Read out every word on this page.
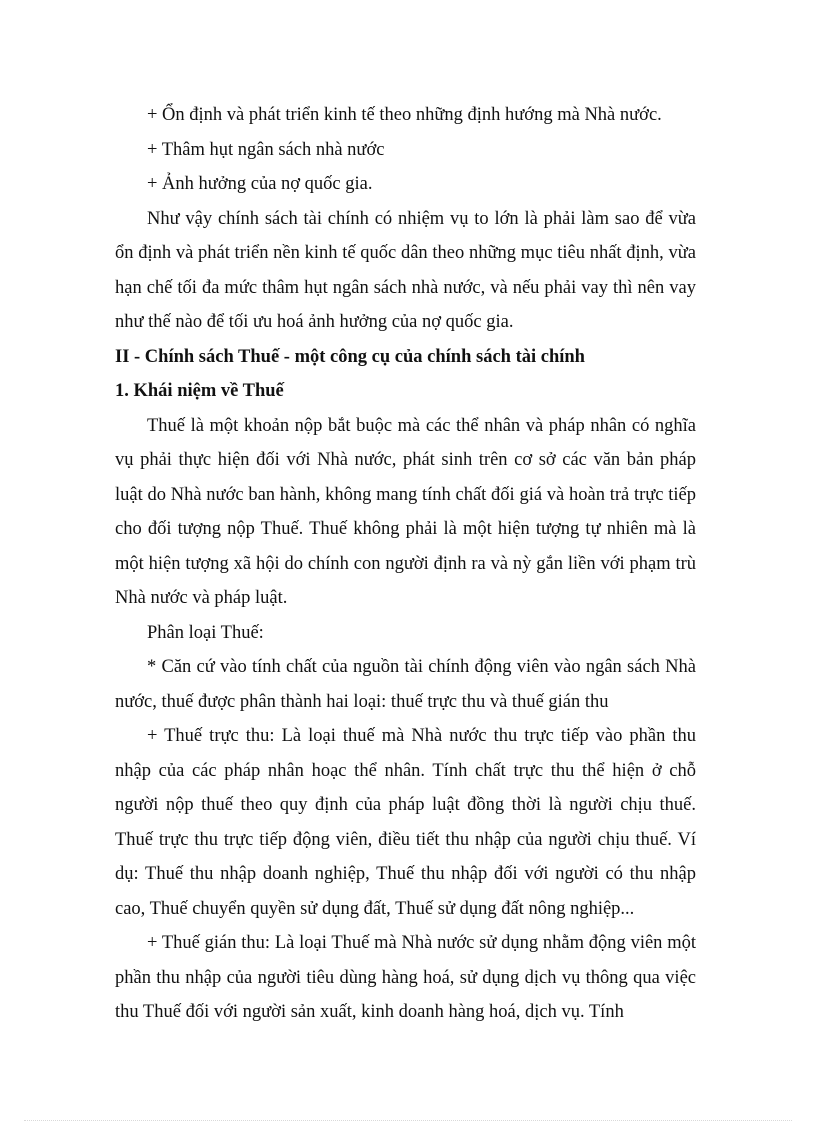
+ Ổn định và phát triển kinh tế theo những định hướng mà Nhà nước.

+ Thâm hụt ngân sách nhà nước

+ Ảnh hưởng của nợ quốc gia.

Như vậy chính sách tài chính có nhiệm vụ to lớn là phải làm sao để vừa ổn định và phát triển nền kinh tế quốc dân theo những mục tiêu nhất định, vừa hạn chế tối đa mức thâm hụt ngân sách nhà nước, và nếu phải vay thì nên vay như thế nào để tối ưu hoá ảnh hưởng của nợ quốc gia.

II - Chính sách Thuế - một công cụ của chính sách tài chính

1. Khái niệm về Thuế

Thuế là một khoản nộp bắt buộc mà các thể nhân và pháp nhân có nghĩa vụ phải thực hiện đối với Nhà nước, phát sinh trên cơ sở các văn bản pháp luật do Nhà nước ban hành, không mang tính chất đối giá và hoàn trả trực tiếp cho đối tượng nộp Thuế. Thuế không phải là một hiện tượng tự nhiên mà là một hiện tượng xã hội do chính con người định ra và nỳ gắn liền với phạm trù Nhà nước và pháp luật.

Phân loại Thuế:

* Căn cứ vào tính chất của nguồn tài chính động viên vào ngân sách Nhà nước, thuế được phân thành hai loại: thuế trực thu và thuế gián thu

+ Thuế trực thu: Là loại thuế mà Nhà nước thu trực tiếp vào phần thu nhập của các pháp nhân hoạc thể nhân. Tính chất trực thu thể hiện ở chỗ người nộp thuế theo quy định của pháp luật đồng thời là người chịu thuế. Thuế trực thu trực tiếp động viên, điều tiết thu nhập của người chịu thuế. Ví dụ: Thuế thu nhập doanh nghiệp, Thuế thu nhập đối với người có thu nhập cao, Thuế chuyển quyền sử dụng đất, Thuế sử dụng đất nông nghiệp...

+ Thuế gián thu: Là loại Thuế mà Nhà nước sử dụng nhằm động viên một phần thu nhập của người tiêu dùng hàng hoá, sử dụng dịch vụ thông qua việc thu Thuế đối với người sản xuất, kinh doanh hàng hoá, dịch vụ. Tính
